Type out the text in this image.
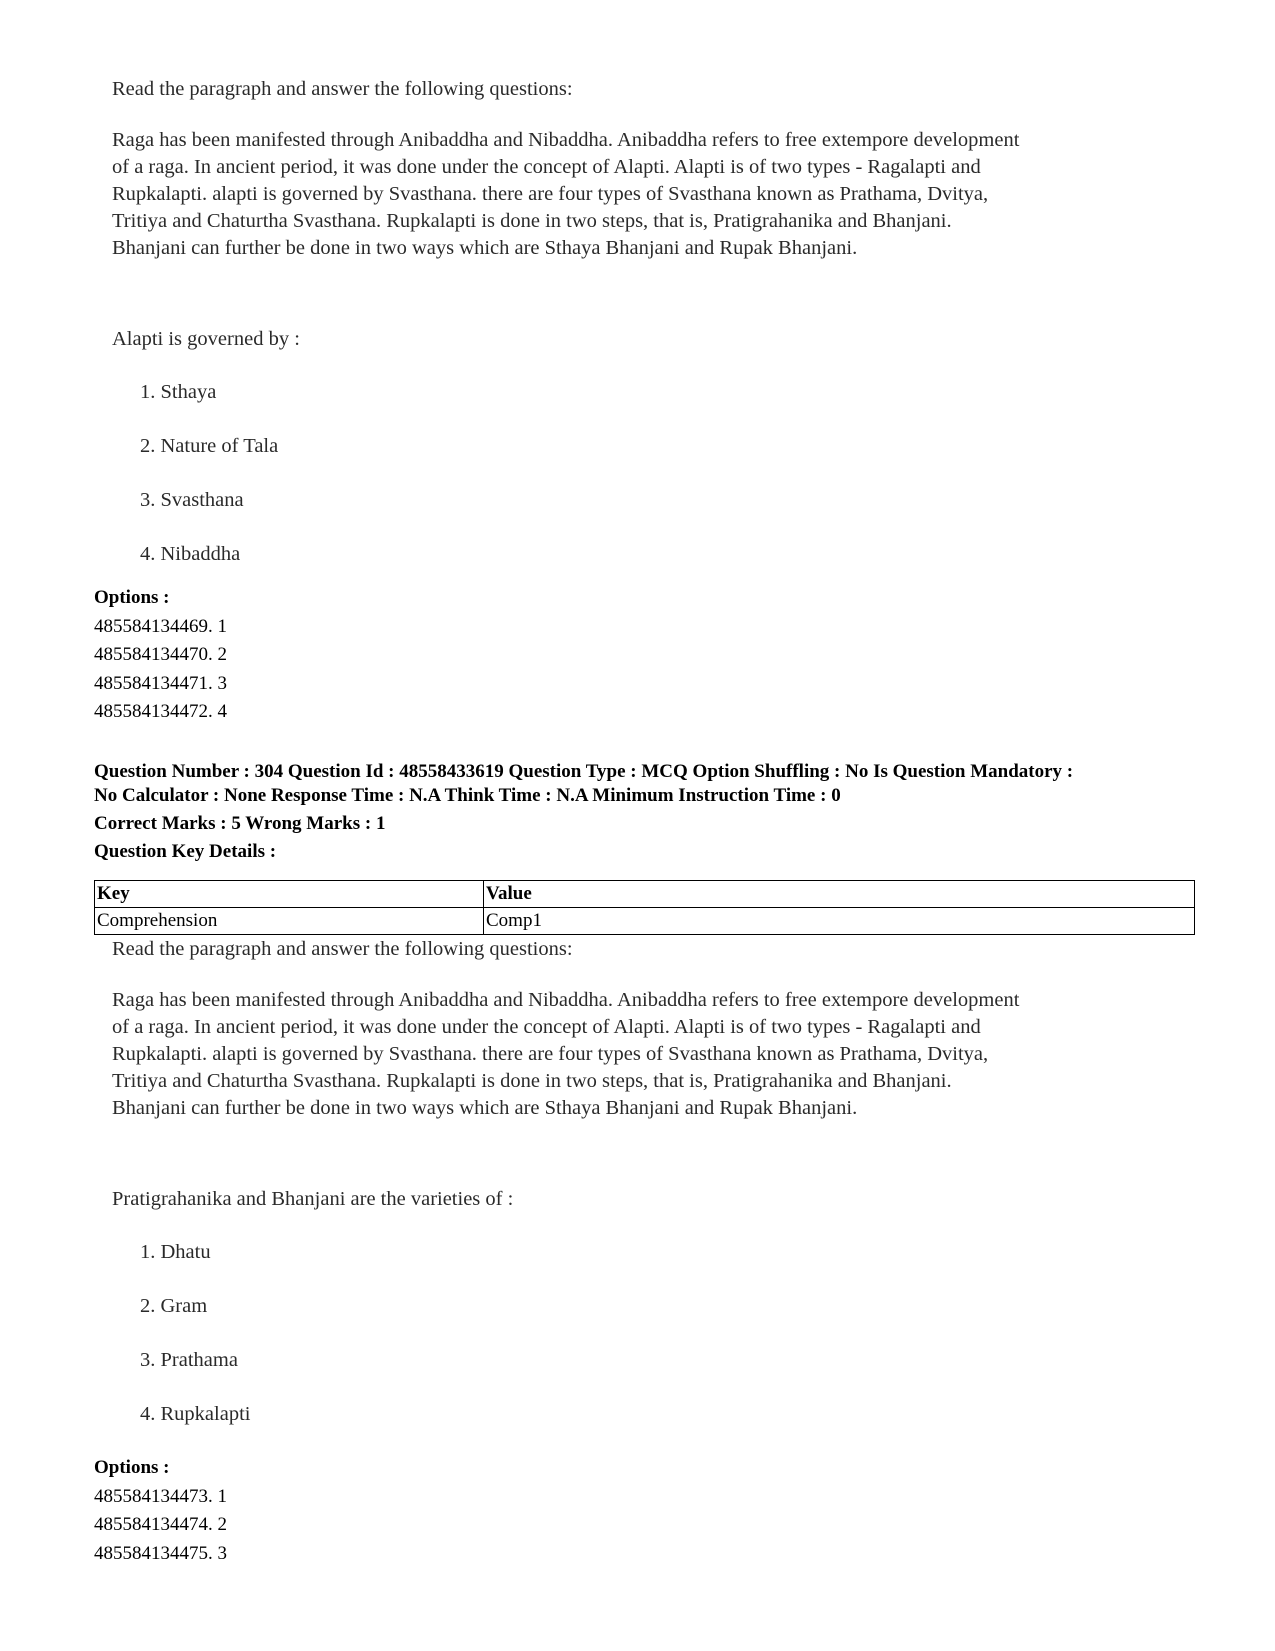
Read the paragraph and answer the following questions:

Raga has been manifested through Anibaddha and Nibaddha. Anibaddha refers to free extempore development

of a raga. In ancient period, it was done under the concept of Alapti. Alapti is of two types - Ragalapti and

Rupkalapti. alapti is governed by Svasthana. there are four types of Svasthana known as Prathama, Dvitya,

Tritiya and Chaturtha Svasthana. Rupkalapti is done in two steps, that is, Pratigrahanika and Bhanjani.

Bhanjani can further be done in two ways which are Sthaya Bhanjani and Rupak Bhanjani.

Alapti is governed by :

1. Sthaya
2. Nature of Tala
3. Svasthana
4. Nibaddha
Options :
485584134469. 1
485584134470. 2
485584134471. 3
485584134472. 4

Question Number : 304 Question Id : 48558433619 Question Type : MCQ Option Shuffling : No Is Question Mandatory :

No Calculator : None Response Time : N.A Think Time : N.A Minimum Instruction Time : 0

Correct Marks : 5 Wrong Marks : 1

Question Key Details :

Key	Value
Comprehension	Comp1

Read the paragraph and answer the following questions:

Raga has been manifested through Anibaddha and Nibaddha. Anibaddha refers to free extempore development

of a raga. In ancient period, it was done under the concept of Alapti. Alapti is of two types - Ragalapti and

Rupkalapti. alapti is governed by Svasthana. there are four types of Svasthana known as Prathama, Dvitya,

Tritiya and Chaturtha Svasthana. Rupkalapti is done in two steps, that is, Pratigrahanika and Bhanjani.

Bhanjani can further be done in two ways which are Sthaya Bhanjani and Rupak Bhanjani.

Pratigrahanika and Bhanjani are the varieties of :

1. Dhatu
2. Gram
3. Prathama
4. Rupkalapti
Options :
485584134473. 1
485584134474. 2
485584134475. 3
